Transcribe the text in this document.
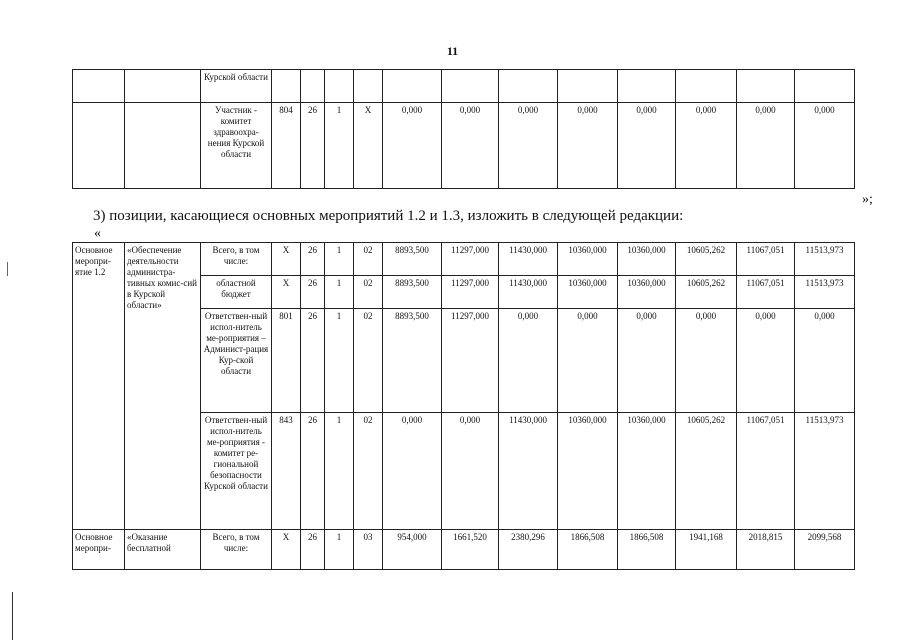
11
		Курской области												
		Участник - комитет здравоохра-нения Курской области	804	26	1	Х	0,000	0,000	0,000	0,000	0,000	0,000	0,000	0,000
»;
3) позиции, касающиеся основных мероприятий 1.2 и 1.3, изложить в следующей редакции:
«
Основное меропри-ятие 1.2	«Обеспечение деятельности администра-тивных комис-сий в Курской области»	Всего, в том числе:	Х	26	1	02	8893,500	11297,000	11430,000	10360,000	10360,000	10605,262	11067,051	11513,973
		областной бюджет	Х	26	1	02	8893,500	11297,000	11430,000	10360,000	10360,000	10605,262	11067,051	11513,973
		Ответствен-ный испол-нитель ме-роприятия – Админист-рация Кур-ской области	801	26	1	02	8893,500	11297,000	0,000	0,000	0,000	0,000	0,000	0,000
		Ответствен-ный испол-нитель ме-роприятия - комитет ре-гиональной безопасности Курской области	843	26	1	02	0,000	0,000	11430,000	10360,000	10360,000	10605,262	11067,051	11513,973
Основное меропри-	«Оказание бесплатной	Всего, в том числе:	Х	26	1	03	954,000	1661,520	2380,296	1866,508	1866,508	1941,168	2018,815	2099,568
